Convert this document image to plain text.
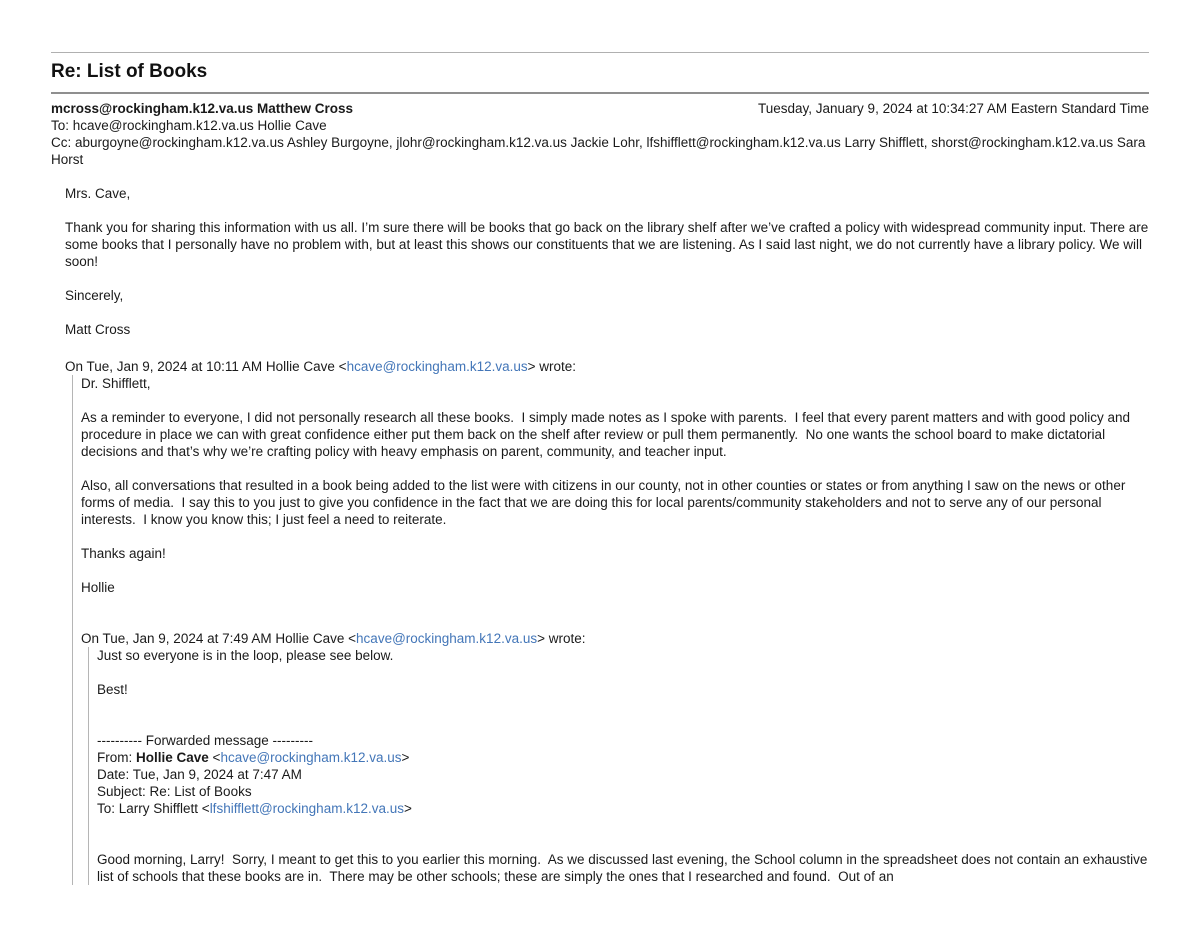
Re: List of Books
mcross@rockingham.k12.va.us Matthew Cross	Tuesday, January 9, 2024 at 10:34:27 AM Eastern Standard Time
To: hcave@rockingham.k12.va.us Hollie Cave
Cc: aburgoyne@rockingham.k12.va.us Ashley Burgoyne, jlohr@rockingham.k12.va.us Jackie Lohr, lfshifflett@rockingham.k12.va.us Larry Shifflett, shorst@rockingham.k12.va.us Sara Horst

Mrs. Cave,

Thank you for sharing this information with us all. I’m sure there will be books that go back on the library shelf after we’ve crafted a policy with widespread community input. There are some books that I personally have no problem with, but at least this shows our constituents that we are listening. As I said last night, we do not currently have a library policy. We will soon!

Sincerely,

Matt Cross

On Tue, Jan 9, 2024 at 10:11 AM Hollie Cave <hcave@rockingham.k12.va.us> wrote:

Dr. Shifflett,

As a reminder to everyone, I did not personally research all these books.  I simply made notes as I spoke with parents.  I feel that every parent matters and with good policy and procedure in place we can with great confidence either put them back on the shelf after review or pull them permanently.  No one wants the school board to make dictatorial decisions and that’s why we’re crafting policy with heavy emphasis on parent, community, and teacher input.

Also, all conversations that resulted in a book being added to the list were with citizens in our county, not in other counties or states or from anything I saw on the news or other forms of media.  I say this to you just to give you confidence in the fact that we are doing this for local parents/community stakeholders and not to serve any of our personal interests.  I know you know this; I just feel a need to reiterate.

Thanks again!

Hollie

On Tue, Jan 9, 2024 at 7:49 AM Hollie Cave <hcave@rockingham.k12.va.us> wrote:

Just so everyone is in the loop, please see below.

Best!

---------- Forwarded message ---------
From: Hollie Cave <hcave@rockingham.k12.va.us>
Date: Tue, Jan 9, 2024 at 7:47 AM
Subject: Re: List of Books
To: Larry Shifflett <lfshifflett@rockingham.k12.va.us>

Good morning, Larry!  Sorry, I meant to get this to you earlier this morning.  As we discussed last evening, the School column in the spreadsheet does not contain an exhaustive list of schools that these books are in.  There may be other schools; these are simply the ones that I researched and found.  Out of an
